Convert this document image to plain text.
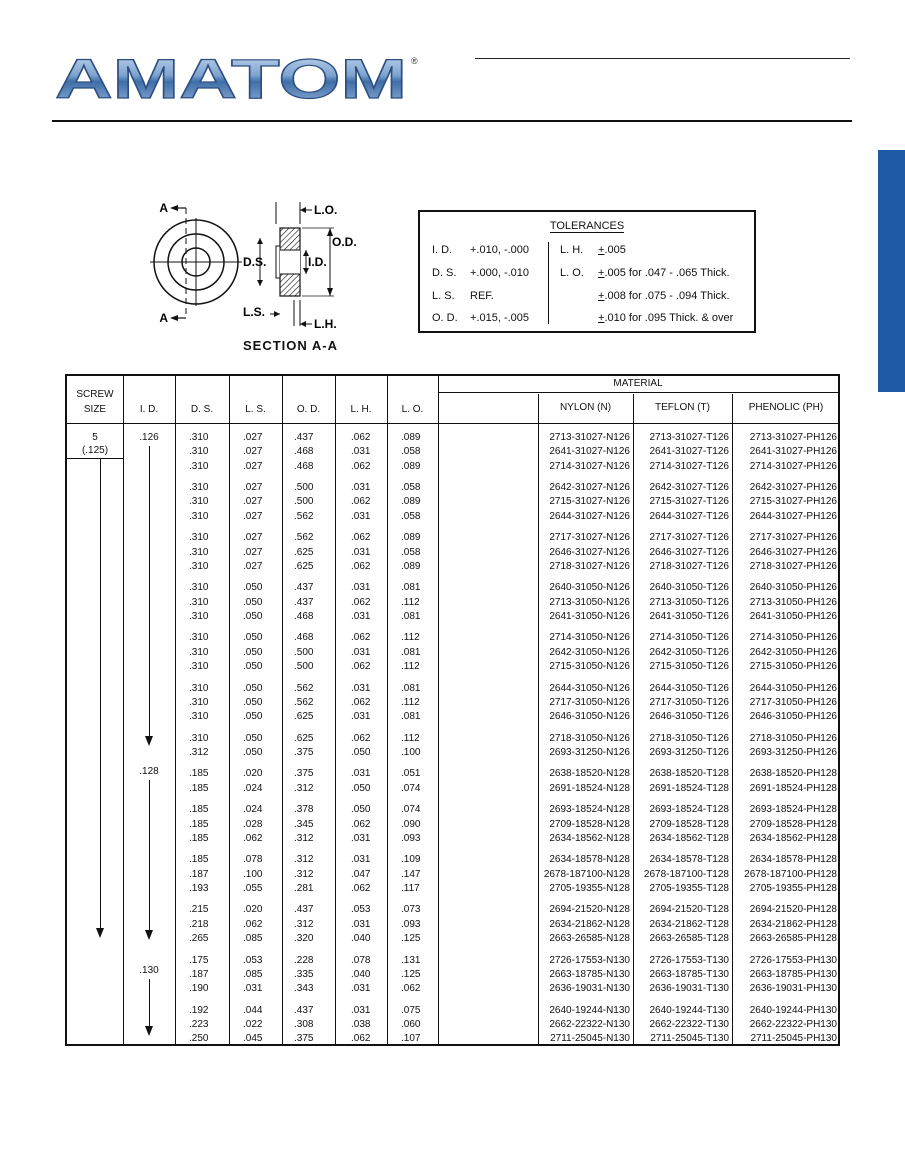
AMATOM ®
A
A
L.O.
O.D.
I.D.
D.S.
L.S.
L.H.
SECTION A-A
TOLERANCES
I. D. +.010, -.000
D. S. +.000, -.010
L. S. REF.
O. D. +.015, -.005
L. H. +.005
L. O. +.005 for .047 - .065 Thick.
+.008 for .075 - .094 Thick.
+.010 for .095 Thick. & over
SCREW
SIZE	I. D.	D. S.	L. S.	O. D.	L. H.	L. O.
MATERIAL
NYLON (N)	TEFLON (T)	PHENOLIC (PH)
5
(.125)
.126
.128
.130
.310	.027	.437	.062	.089	2713-31027-N126	2713-31027-T126	2713-31027-PH126
.310	.027	.468	.031	.058	2641-31027-N126	2641-31027-T126	2641-31027-PH126
.310	.027	.468	.062	.089	2714-31027-N126	2714-31027-T126	2714-31027-PH126
.310	.027	.500	.031	.058	2642-31027-N126	2642-31027-T126	2642-31027-PH126
.310	.027	.500	.062	.089	2715-31027-N126	2715-31027-T126	2715-31027-PH126
.310	.027	.562	.031	.058	2644-31027-N126	2644-31027-T126	2644-31027-PH126
.310	.027	.562	.062	.089	2717-31027-N126	2717-31027-T126	2717-31027-PH126
.310	.027	.625	.031	.058	2646-31027-N126	2646-31027-T126	2646-31027-PH126
.310	.027	.625	.062	.089	2718-31027-N126	2718-31027-T126	2718-31027-PH126
.310	.050	.437	.031	.081	2640-31050-N126	2640-31050-T126	2640-31050-PH126
.310	.050	.437	.062	.112	2713-31050-N126	2713-31050-T126	2713-31050-PH126
.310	.050	.468	.031	.081	2641-31050-N126	2641-31050-T126	2641-31050-PH126
.310	.050	.468	.062	.112	2714-31050-N126	2714-31050-T126	2714-31050-PH126
.310	.050	.500	.031	.081	2642-31050-N126	2642-31050-T126	2642-31050-PH126
.310	.050	.500	.062	.112	2715-31050-N126	2715-31050-T126	2715-31050-PH126
.310	.050	.562	.031	.081	2644-31050-N126	2644-31050-T126	2644-31050-PH126
.310	.050	.562	.062	.112	2717-31050-N126	2717-31050-T126	2717-31050-PH126
.310	.050	.625	.031	.081	2646-31050-N126	2646-31050-T126	2646-31050-PH126
.310	.050	.625	.062	.112	2718-31050-N126	2718-31050-T126	2718-31050-PH126
.312	.050	.375	.050	.100	2693-31250-N126	2693-31250-T126	2693-31250-PH126
.185	.020	.375	.031	.051	2638-18520-N128	2638-18520-T128	2638-18520-PH128
.185	.024	.312	.050	.074	2691-18524-N128	2691-18524-T128	2691-18524-PH128
.185	.024	.378	.050	.074	2693-18524-N128	2693-18524-T128	2693-18524-PH128
.185	.028	.345	.062	.090	2709-18528-N128	2709-18528-T128	2709-18528-PH128
.185	.062	.312	.031	.093	2634-18562-N128	2634-18562-T128	2634-18562-PH128
.185	.078	.312	.031	.109	2634-18578-N128	2634-18578-T128	2634-18578-PH128
.187	.100	.312	.047	.147	2678-187100-N128	2678-187100-T128	2678-187100-PH128
.193	.055	.281	.062	.117	2705-19355-N128	2705-19355-T128	2705-19355-PH128
.215	.020	.437	.053	.073	2694-21520-N128	2694-21520-T128	2694-21520-PH128
.218	.062	.312	.031	.093	2634-21862-N128	2634-21862-T128	2634-21862-PH128
.265	.085	.320	.040	.125	2663-26585-N128	2663-26585-T128	2663-26585-PH128
.175	.053	.228	.078	.131	2726-17553-N130	2726-17553-T130	2726-17553-PH130
.187	.085	.335	.040	.125	2663-18785-N130	2663-18785-T130	2663-18785-PH130
.190	.031	.343	.031	.062	2636-19031-N130	2636-19031-T130	2636-19031-PH130
.192	.044	.437	.031	.075	2640-19244-N130	2640-19244-T130	2640-19244-PH130
.223	.022	.308	.038	.060	2662-22322-N130	2662-22322-T130	2662-22322-PH130
.250	.045	.375	.062	.107	2711-25045-N130	2711-25045-T130	2711-25045-PH130
